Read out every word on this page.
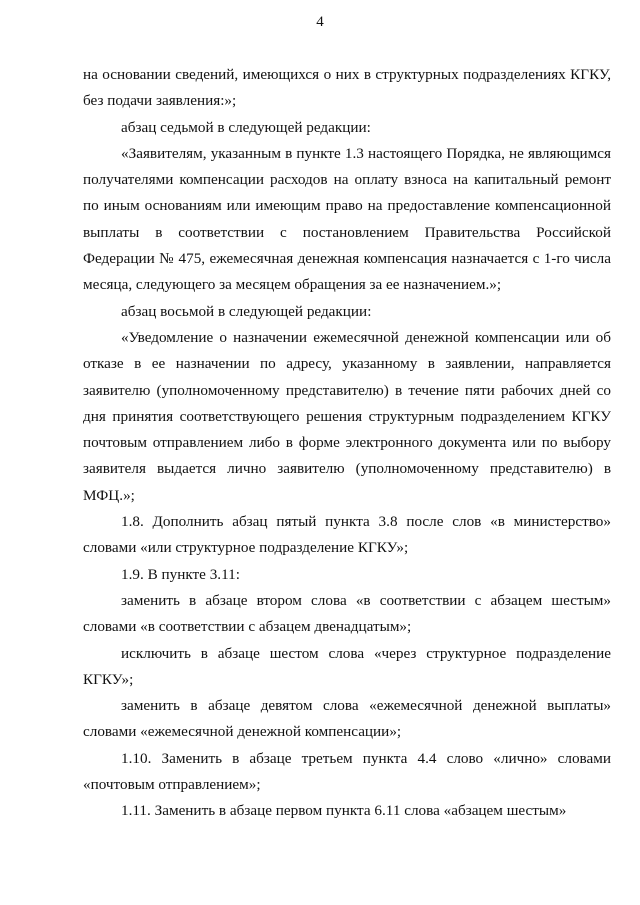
4

на основании сведений, имеющихся о них в структурных подразделениях КГКУ, без подачи заявления:»;

абзац седьмой в следующей редакции:

«Заявителям, указанным в пункте 1.3 настоящего Порядка, не являющимся получателями компенсации расходов на оплату взноса на капитальный ремонт по иным основаниям или имеющим право на предоставление компенсационной выплаты в соответствии с постановлением Правительства Российской Федерации № 475, ежемесячная денежная компенсация назначается с 1-го числа месяца, следующего за месяцем обращения за ее назначением.»;

абзац восьмой в следующей редакции:

«Уведомление о назначении ежемесячной денежной компенсации или об отказе в ее назначении по адресу, указанному в заявлении, направляется заявителю (уполномоченному представителю) в течение пяти рабочих дней со дня принятия соответствующего решения структурным подразделением КГКУ почтовым отправлением либо в форме электронного документа или по выбору заявителя выдается лично заявителю (уполномоченному представителю) в МФЦ.»;

1.8. Дополнить абзац пятый пункта 3.8 после слов «в министерство» словами «или структурное подразделение КГКУ»;

1.9. В пункте 3.11:

заменить в абзаце втором слова «в соответствии с абзацем шестым» словами «в соответствии с абзацем двенадцатым»;

исключить в абзаце шестом слова «через структурное подразделение КГКУ»;

заменить в абзаце девятом слова «ежемесячной денежной выплаты» словами «ежемесячной денежной компенсации»;

1.10. Заменить в абзаце третьем пункта 4.4 слово «лично» словами «почтовым отправлением»;

1.11. Заменить в абзаце первом пункта 6.11 слова «абзацем шестым»
